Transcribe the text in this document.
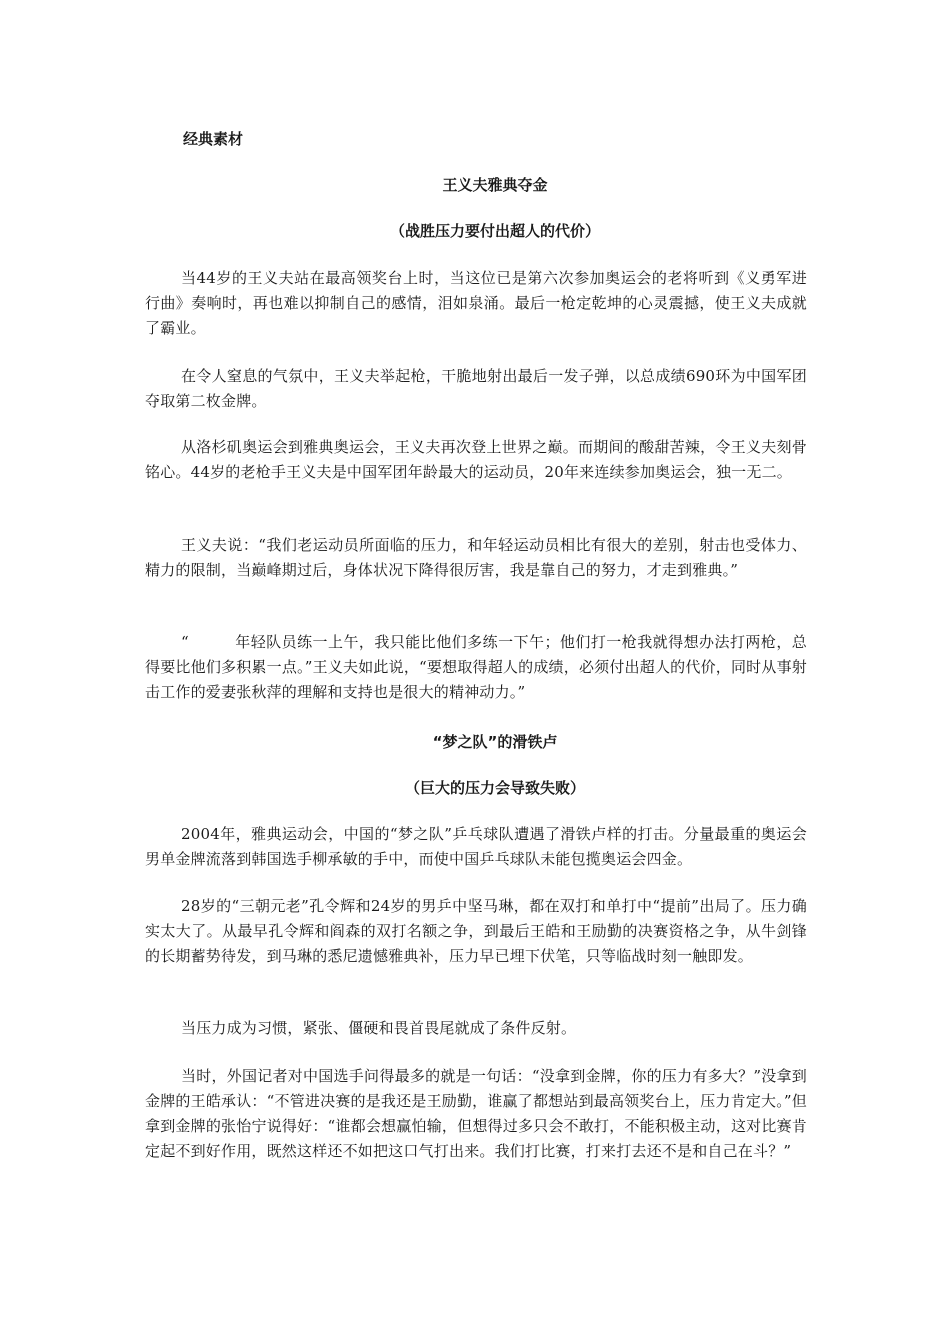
经典素材
王义夫雅典夺金
（战胜压力要付出超人的代价）
当44岁的王义夫站在最高领奖台上时，当这位已是第六次参加奥运会的老将听到《义勇军进行曲》奏响时，再也难以抑制自己的感情，泪如泉涌。最后一枪定乾坤的心灵震撼，使王义夫成就了霸业。
在令人窒息的气氛中，王义夫举起枪，干脆地射出最后一发子弹，以总成绩690环为中国军团夺取第二枚金牌。
从洛杉矶奥运会到雅典奥运会，王义夫再次登上世界之巅。而期间的酸甜苦辣，令王义夫刻骨铭心。44岁的老枪手王义夫是中国军团年龄最大的运动员，20年来连续参加奥运会，独一无二。
王义夫说：“我们老运动员所面临的压力，和年轻运动员相比有很大的差别，射击也受体力、精力的限制，当巅峰期过后，身体状况下降得很厉害，我是靠自己的努力，才走到雅典。”
“	年轻队员练一上午，我只能比他们多练一下午；他们打一枪我就得想办法打两枪，总得要比他们多积累一点。”王义夫如此说，“要想取得超人的成绩，必须付出超人的代价，同时从事射击工作的爱妻张秋萍的理解和支持也是很大的精神动力。”
“梦之队”的滑铁卢
（巨大的压力会导致失败）
2004年，雅典运动会，中国的“梦之队”乒乓球队遭遇了滑铁卢样的打击。分量最重的奥运会男单金牌流落到韩国选手柳承敏的手中，而使中国乒乓球队未能包揽奥运会四金。
28岁的“三朝元老”孔令辉和24岁的男乒中坚马琳，都在双打和单打中“提前”出局了。压力确实太大了。从最早孔令辉和阎森的双打名额之争，到最后王皓和王励勤的决赛资格之争，从牛剑锋的长期蓄势待发，到马琳的悉尼遗憾雅典补，压力早已埋下伏笔，只等临战时刻一触即发。
当压力成为习惯，紧张、僵硬和畏首畏尾就成了条件反射。
当时，外国记者对中国选手问得最多的就是一句话：“没拿到金牌，你的压力有多大？”没拿到金牌的王皓承认：“不管进决赛的是我还是王励勤，谁赢了都想站到最高领奖台上，压力肯定大。”但拿到金牌的张怡宁说得好：“谁都会想赢怕输，但想得过多只会不敢打，不能积极主动，这对比赛肯定起不到好作用，既然这样还不如把这口气打出来。我们打比赛，打来打去还不是和自己在斗？”
